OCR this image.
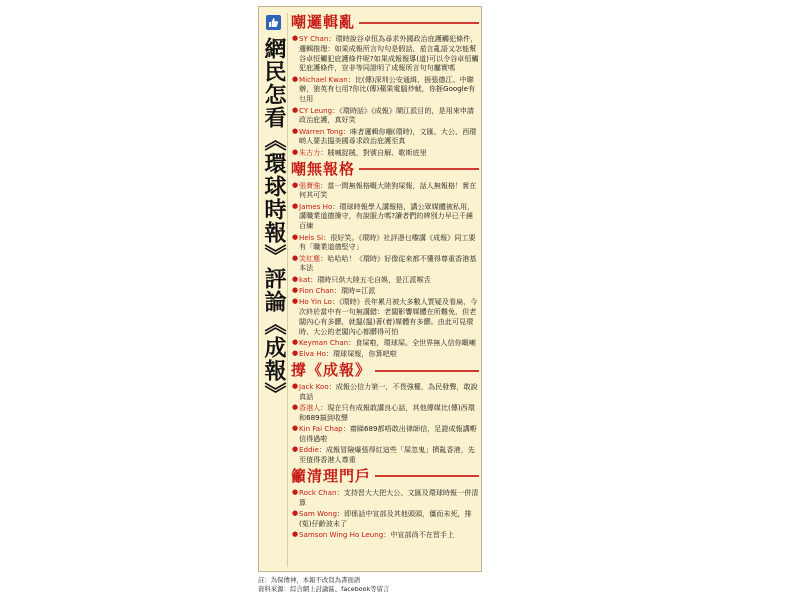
網民怎看《環球時報》評論《成報》
嘲邏輯亂
● SY Chan：環時說谷卓恒為尋求外國政治庇護觸犯條件，邏輯推理：如果成報所言句句是假話，茄言亂語又怎能幫谷卓恒觸犯庇護條件呢?如果成報報導(道)可以令谷卓恒觸犯庇護條件，豈非等同證明了成報所言句句屬實嗎
● Michael Kwan：比(傳)深圳公安通緝，捱張德江、中聯辦，狼英有乜用?你比(傳)蘋果電腦炒魷，你捱Google有乜用
● CY Leung：《環時話》《成報》鬧江派目的，是用來申請政治庇護，真好笑
● Warren Tong：咪者邏輯你嗰(環時)，文匯、大公、西環啲人要去搵美國尋求政治庇護至真
● 朱古力：賊喊捉賊，對號自解、歌斯底里
嘲無報格
● 張寶強：當一間無報格嘅大陸狗屎報，話人無報格！實在何其可笑
● James Ho：環球時報學人講報格，講公眾媒體被私用，講職業道德操守，有說服力嗎?讀者們的辨別力早已千錘百煉
● Hels Si：很好笑。《環時》社評憑乜嚟講《成報》同工要有「職業道德堅守」
● 笑紅塵：哈哈哈！《環時》好像從來都不懂得尊重香港基本法
● kat：環時只供大陸五毛自娛，是江派喉舌
● Fion Chan：環時=江派
● Ho Yin Lo：《環時》長年累月被大多數人質疑及看扁，今次終於當中有一句無講錯：老闆影響媒體在所難免，但老闆內心有多髒，就搵(搵)著(着)媒體有多髒。由此可見環時、大公的老闆內心都髒得可怕
● Keyman Chan：食屎啦，環球屎。全世界無人信你嘅喇
● Elva Ho：環球屎報，你算吧啦
撐《成報》
● Jack Koo：成報公信力第一，不畏強權，為民發聲，敢說真話
● 香港人：現在只有成報敢講良心話，其他傳媒比(傳)西環和689搞到收聲
● Kin Fai Chap：齋睇689都唔敢出律師信，足證成報講嘢信得過啦
● Eddie：成報冒險爆張得紅這些「屎忽鬼」擠亂香港，先至值得香港人尊重
籲清理門戶
● Rock Chan：支持習大大把大公、文匯及環球時報一併清算
● Sam Wong：即係話中宣部及其他頭頭，僵而未死，排(冤)仔齡波未了
● Samson Wing Ho Leung：中宣部尚不在習手上
註：為保傳神，本報不改寫為書面語
資料來源：綜合網上討論區、facebook等留言
